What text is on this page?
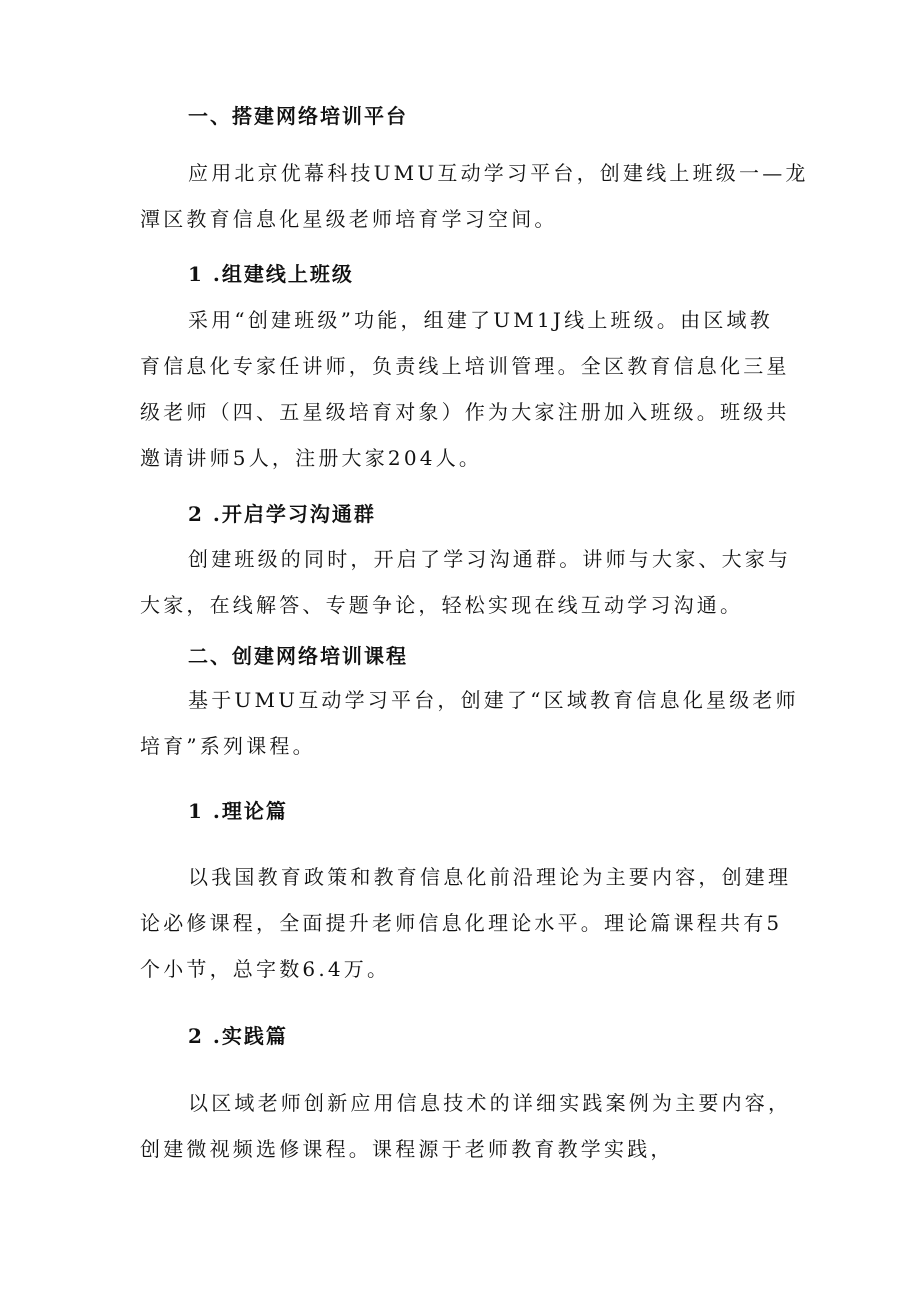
一、搭建网络培训平台
应用北京优幕科技UMU互动学习平台，创建线上班级一—龙
潭区教育信息化星级老师培育学习空间。
1 .组建线上班级
采用“创建班级”功能，组建了UM1J线上班级。由区域教
育信息化专家任讲师，负责线上培训管理。全区教育信息化三星
级老师（四、五星级培育对象）作为大家注册加入班级。班级共
邀请讲师5人，注册大家204人。
2 .开启学习沟通群
创建班级的同时，开启了学习沟通群。讲师与大家、大家与
大家，在线解答、专题争论，轻松实现在线互动学习沟通。
二、创建网络培训课程
基于UMU互动学习平台，创建了“区域教育信息化星级老师
培育”系列课程。
1 .理论篇
以我国教育政策和教育信息化前沿理论为主要内容，创建理
论必修课程，全面提升老师信息化理论水平。理论篇课程共有5
个小节，总字数6.4万。
2 .实践篇
以区域老师创新应用信息技术的详细实践案例为主要内容，
创建微视频选修课程。课程源于老师教育教学实践，
